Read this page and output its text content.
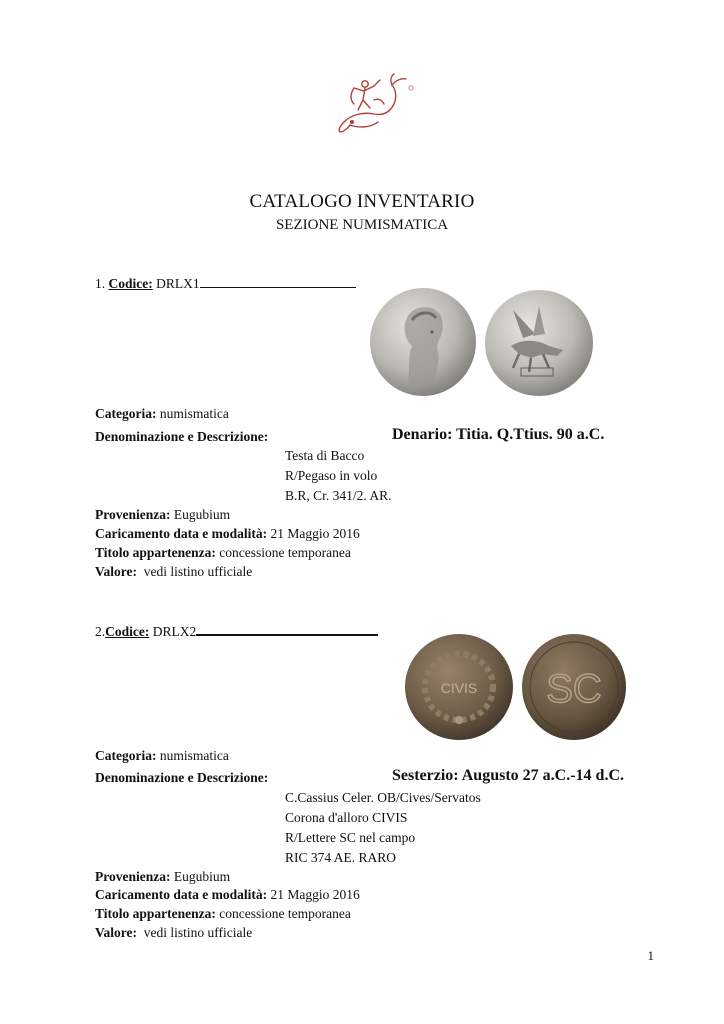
CATALOGO INVENTARIO
SEZIONE NUMISMATICA
1. Codice: DRLX1
Categoria: numismatica
Denominazione e Descrizione:	Denario: Titia. Q.Ttius. 90 a.C.
Testa di Bacco
R/Pegaso in volo
B.R, Cr. 341/2. AR.
Provenienza: Eugubium
Caricamento data e modalità: 21 Maggio 2016
Titolo appartenenza: concessione temporanea
Valore: vedi listino ufficiale
2.Codice: DRLX2
CIVIS SC
Categoria: numismatica
Denominazione e Descrizione:	Sesterzio: Augusto 27 a.C.-14 d.C.
C.Cassius Celer. OB/Cives/Servatos
Corona d'alloro CIVIS
R/Lettere SC nel campo
RIC 374 AE. RARO
Provenienza: Eugubium
Caricamento data e modalità: 21 Maggio 2016
Titolo appartenenza: concessione temporanea
Valore: vedi listino ufficiale
1
